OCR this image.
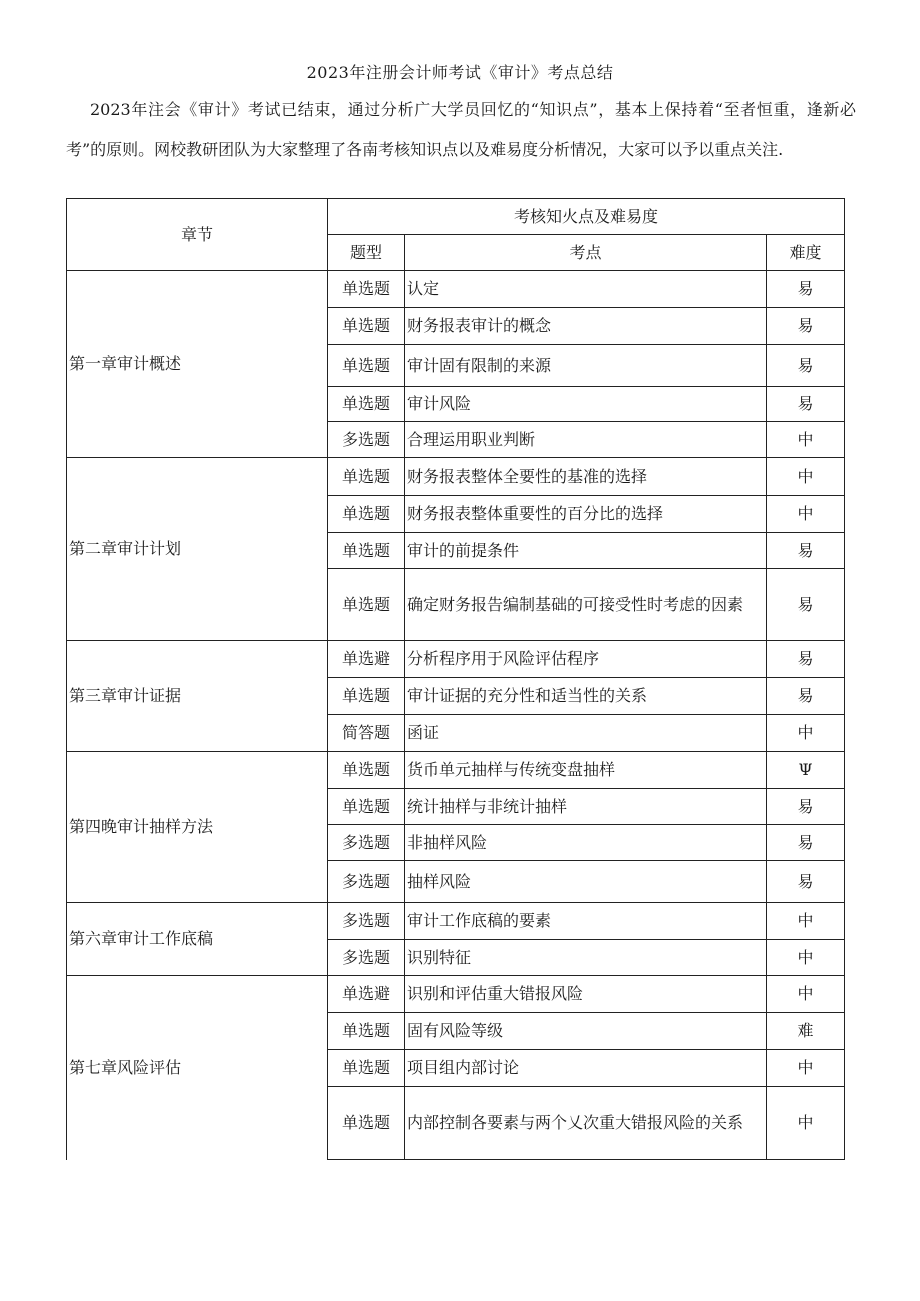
2023年注册会计师考试《审计》考点总结
2023年注会《审计》考试已结束，通过分析广大学员回忆的“知识点”，基本上保持着“至者恒重，逢新必考”的原则。网校教研团队为大家整理了各南考核知识点以及难易度分析情况，大家可以予以重点关注.
章节	考核知火点及难易度		
	题型	考点	难度
第一章审计概述	单选题	认定	易
	单选题	财务报表审计的概念	易
	单选题	审计固有限制的来源	易
	单选题	审计风险	易
	多选题	合理运用职业判断	中
第二章审计计划	单选题	财务报表整体全要性的基准的选择	中
	单选题	财务报表整体重要性的百分比的选择	中
	单选题	审计的前提条件	易
	单选题	确定财务报告编制基础的可接受性时考虑的因素	易
第三章审计证据	单选避	分析程序用于风险评估程序	易
	单选题	审计证据的充分性和适当性的关系	易
	简答题	函证	中
第四晚审计抽样方法	单选题	货币单元抽样与传统变盘抽样	Ψ
	单选题	统计抽样与非统计抽样	易
	多选题	非抽样风险	易
	多选题	抽样风险	易
第六章审计工作底稿	多选题	审计工作底稿的要素	中
	多选题	识别特征	中
第七章风险评估	单选避	识别和评估重大错报风险	中
	单选题	固有风险等级	难
	单选题	项目组内部讨论	中
	单选题	内部控制各要素与两个乂次重大错报风险的关系	中
